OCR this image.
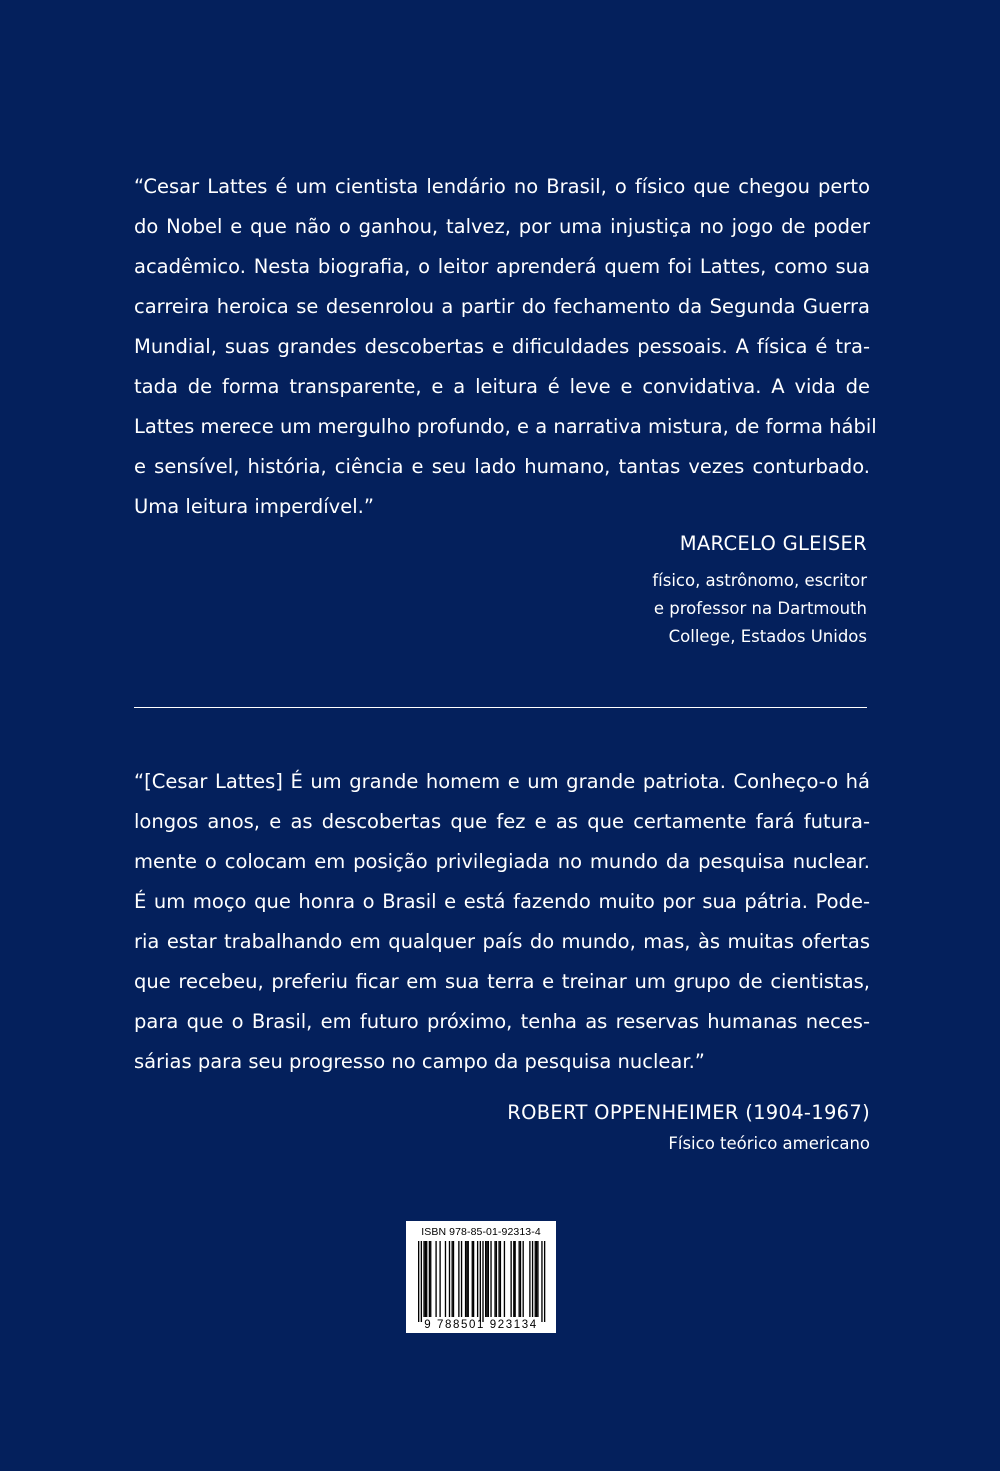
“Cesar Lattes é um cientista lendário no Brasil, o físico que chegou perto
do Nobel e que não o ganhou, talvez, por uma injustiça no jogo de poder
acadêmico. Nesta biografia, o leitor aprenderá quem foi Lattes, como sua
carreira heroica se desenrolou a partir do fechamento da Segunda Guerra
Mundial, suas grandes descobertas e dificuldades pessoais. A física é tra-
tada de forma transparente, e a leitura é leve e convidativa. A vida de
Lattes merece um mergulho profundo, e a narrativa mistura, de forma hábil
e sensível, história, ciência e seu lado humano, tantas vezes conturbado.
Uma leitura imperdível.”
MARCELO GLEISER
físico, astrônomo, escritor
e professor na Dartmouth
College, Estados Unidos
“[Cesar Lattes] É um grande homem e um grande patriota. Conheço-o há
longos anos, e as descobertas que fez e as que certamente fará futura-
mente o colocam em posição privilegiada no mundo da pesquisa nuclear.
É um moço que honra o Brasil e está fazendo muito por sua pátria. Pode-
ria estar trabalhando em qualquer país do mundo, mas, às muitas ofertas
que recebeu, preferiu ficar em sua terra e treinar um grupo de cientistas,
para que o Brasil, em futuro próximo, tenha as reservas humanas neces-
sárias para seu progresso no campo da pesquisa nuclear.”
ROBERT OPPENHEIMER (1904-1967)
Físico teórico americano
ISBN 978-85-01-92313-4
9 788501 923134
